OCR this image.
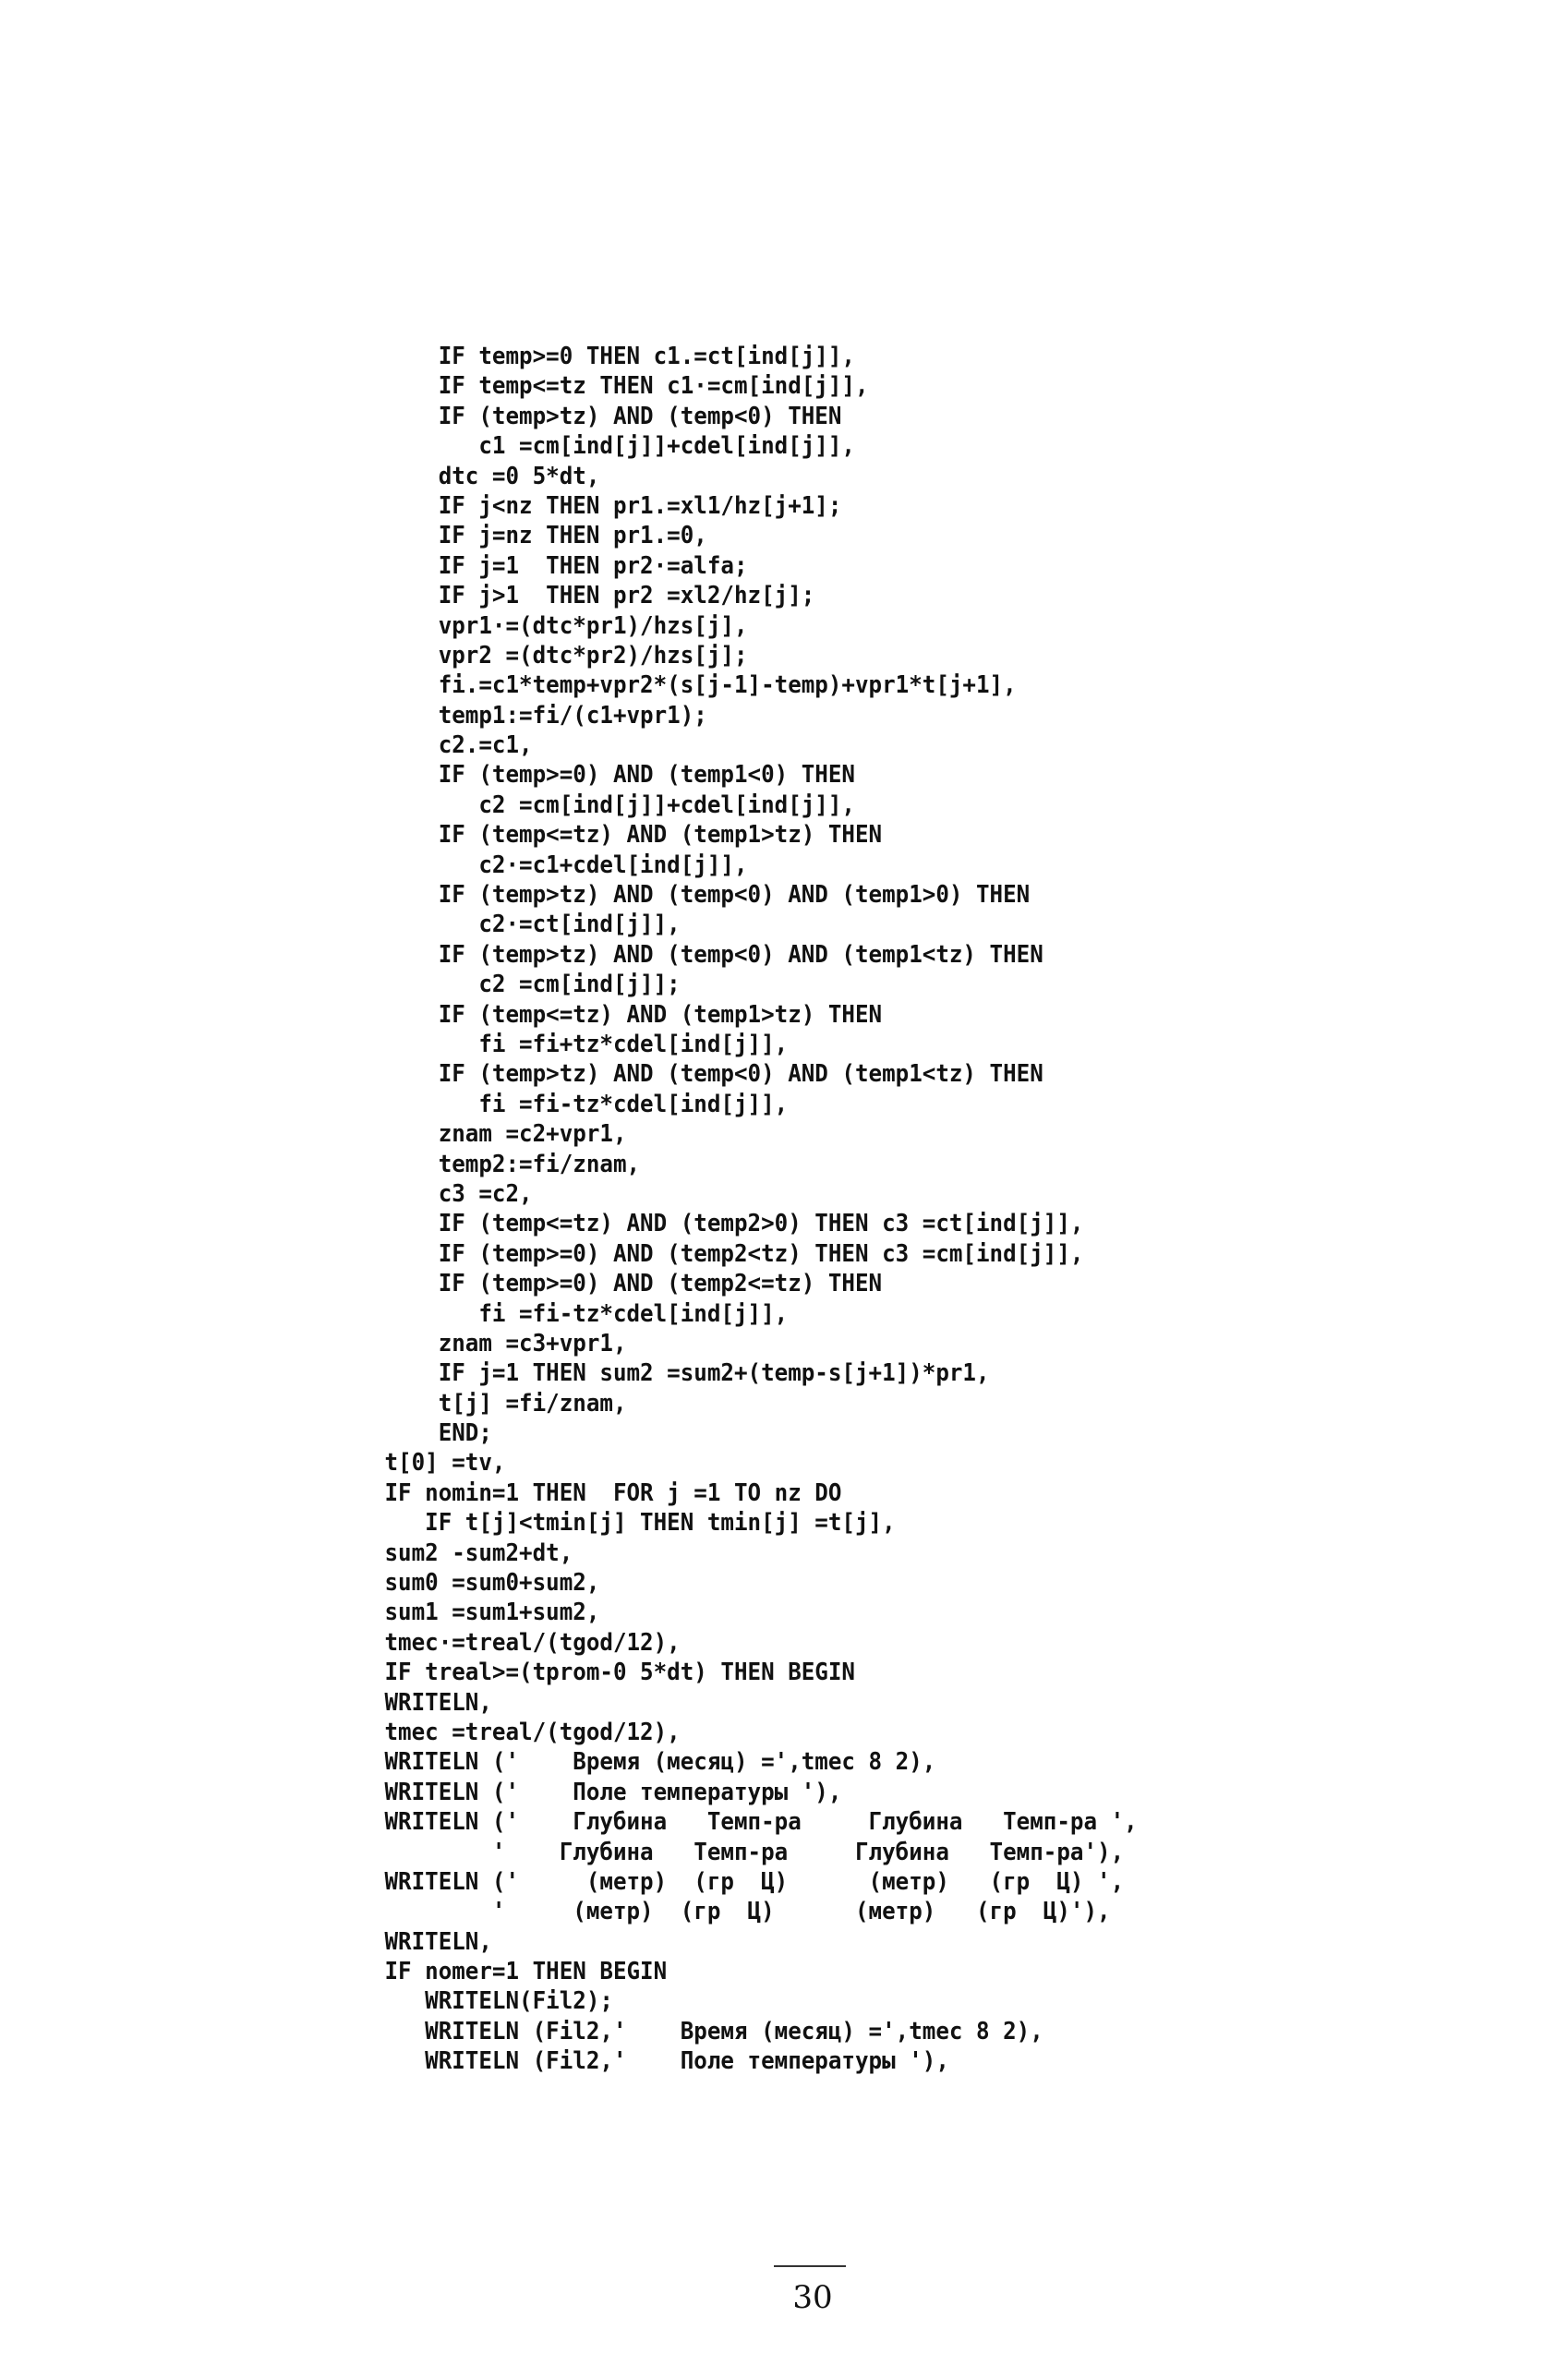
IF temp>=0 THEN c1.=ct[ind[j]],
IF temp<=tz THEN c1·=cm[ind[j]],
IF (temp>tz) AND (temp<0) THEN
c1 =cm[ind[j]]+cdel[ind[j]],
dtc =0 5*dt,
IF j<nz THEN pr1.=xl1/hz[j+1];
IF j=nz THEN pr1.=0,
IF j=1  THEN pr2·=alfa;
IF j>1  THEN pr2 =xl2/hz[j];
vpr1·=(dtc*pr1)/hzs[j],
vpr2 =(dtc*pr2)/hzs[j];
fi.=c1*temp+vpr2*(s[j-1]-temp)+vpr1*t[j+1],
temp1:=fi/(c1+vpr1);
c2.=c1,
IF (temp>=0) AND (temp1<0) THEN
c2 =cm[ind[j]]+cdel[ind[j]],
IF (temp<=tz) AND (temp1>tz) THEN
c2·=c1+cdel[ind[j]],
IF (temp>tz) AND (temp<0) AND (temp1>0) THEN
c2·=ct[ind[j]],
IF (temp>tz) AND (temp<0) AND (temp1<tz) THEN
c2 =cm[ind[j]];
IF (temp<=tz) AND (temp1>tz) THEN
fi =fi+tz*cdel[ind[j]],
IF (temp>tz) AND (temp<0) AND (temp1<tz) THEN
fi =fi-tz*cdel[ind[j]],
znam =c2+vpr1,
temp2:=fi/znam,
c3 =c2,
IF (temp<=tz) AND (temp2>0) THEN c3 =ct[ind[j]],
IF (temp>=0) AND (temp2<tz) THEN c3 =cm[ind[j]],
IF (temp>=0) AND (temp2<=tz) THEN
fi =fi-tz*cdel[ind[j]],
znam =c3+vpr1,
IF j=1 THEN sum2 =sum2+(temp-s[j+1])*pr1,
t[j] =fi/znam,
END;
t[0] =tv,
IF nomin=1 THEN  FOR j =1 TO nz DO
IF t[j]<tmin[j] THEN tmin[j] =t[j],
sum2 -sum2+dt,
sum0 =sum0+sum2,
sum1 =sum1+sum2,
tmec·=treal/(tgod/12),
IF treal>=(tprom-0 5*dt) THEN BEGIN
WRITELN,
tmec =treal/(tgod/12),
WRITELN ('    Время (месяц) =',tmec 8 2),
WRITELN ('    Поле температуры '),
WRITELN ('    Глубина   Темп-ра     Глубина   Темп-ра ',
'    Глубина   Темп-ра     Глубина   Темп-ра'),
WRITELN ('     (метр)  (гр  Ц)      (метр)   (гр  Ц) ',
'     (метр)  (гр  Ц)      (метр)   (гр  Ц)'),
WRITELN,
IF nomer=1 THEN BEGIN
WRITELN(Fil2);
WRITELN (Fil2,'    Время (месяц) =',tmec 8 2),
WRITELN (Fil2,'    Поле температуры '),
30
